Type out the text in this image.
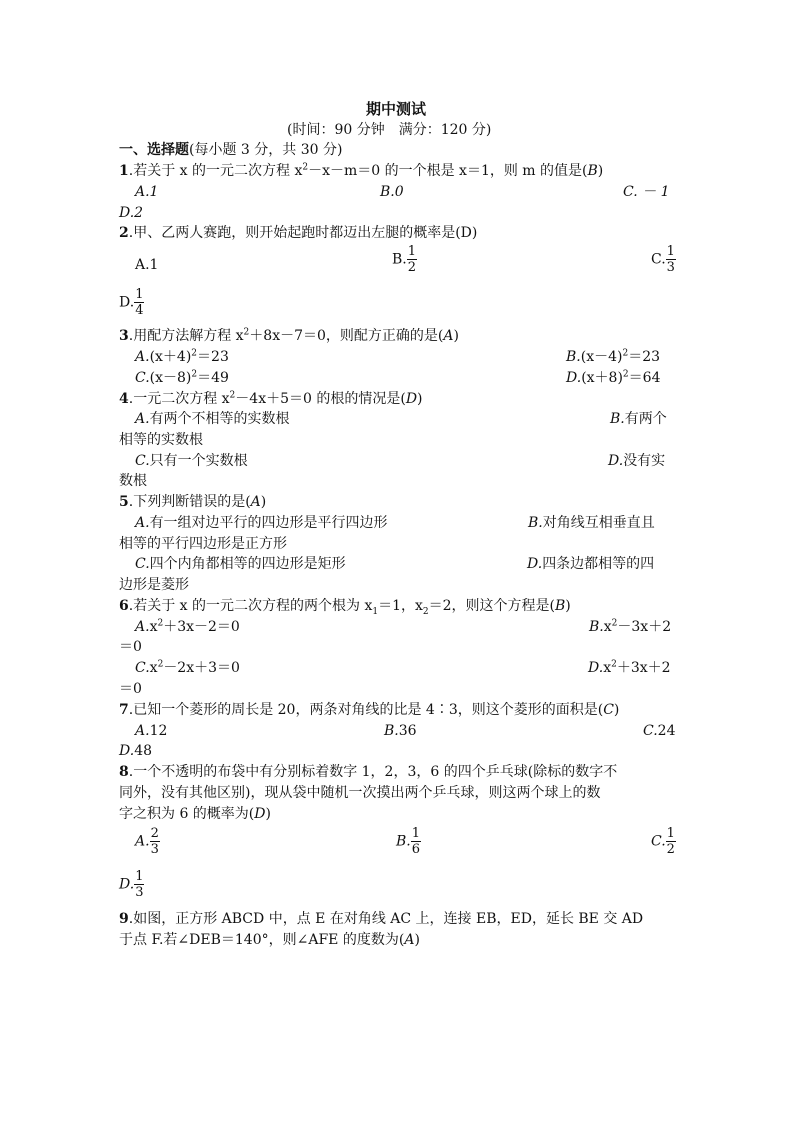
期中测试
(时间：90 分钟　满分：120 分)
一、选择题(每小题 3 分，共 30 分)
1.若关于 x 的一元二次方程 $x^2-x-m=0$ 的一个根是 x＝1，则 m 的值是(B)
A.1	B.0	C. － 1
D.2
2.甲、乙两人赛跑，则开始起跑时都迈出左腿的概率是(D)
A.1	B. $\frac{1}{2}$	C. $\frac{1}{3}$
D. $\frac{1}{4}$
3.用配方法解方程 $x^2+8x-7=0$，则配方正确的是(A)
$A.(x+4)^2=23$	$B.(x-4)^2=23$
$C.(x-8)^2=49$	$D.(x+8)^2=64$
4.一元二次方程 $x^2-4x+5=0$ 的根的情况是(D)
A.有两个不相等的实数根	B.有两个
相等的实数根
C.只有一个实数根	D.没有实
数根
5.下列判断错误的是(A)
A.有一组对边平行的四边形是平行四边形	B.对角线互相垂直且
相等的平行四边形是正方形
C.四个内角都相等的四边形是矩形	D.四条边都相等的四
边形是菱形
6.若关于 x 的一元二次方程的两个根为 $x_1=1$，$x_2=2$，则这个方程是(B)
$A.x^2+3x-2=0$	$B.x^2-3x+2$
＝0
$C.x^2-2x+3=0$	$D.x^2+3x+2$
＝0
7.已知一个菱形的周长是 20，两条对角线的比是 4∶3，则这个菱形的面积是(C)
A.12	B.36	C.24
D.48
8.一个不透明的布袋中有分别标着数字 1，2，3，6 的四个乒乓球(除标的数字不
同外，没有其他区别)，现从袋中随机一次摸出两个乒乓球，则这两个球上的数
字之积为 6 的概率为(D)
A. $\frac{2}{3}$	B. $\frac{1}{6}$	C. $\frac{1}{2}$
D. $\frac{1}{3}$
9.如图，正方形 ABCD 中，点 E 在对角线 AC 上，连接 EB，ED，延长 BE 交 AD
于点 F.若∠DEB＝140°，则∠AFE 的度数为(A)
